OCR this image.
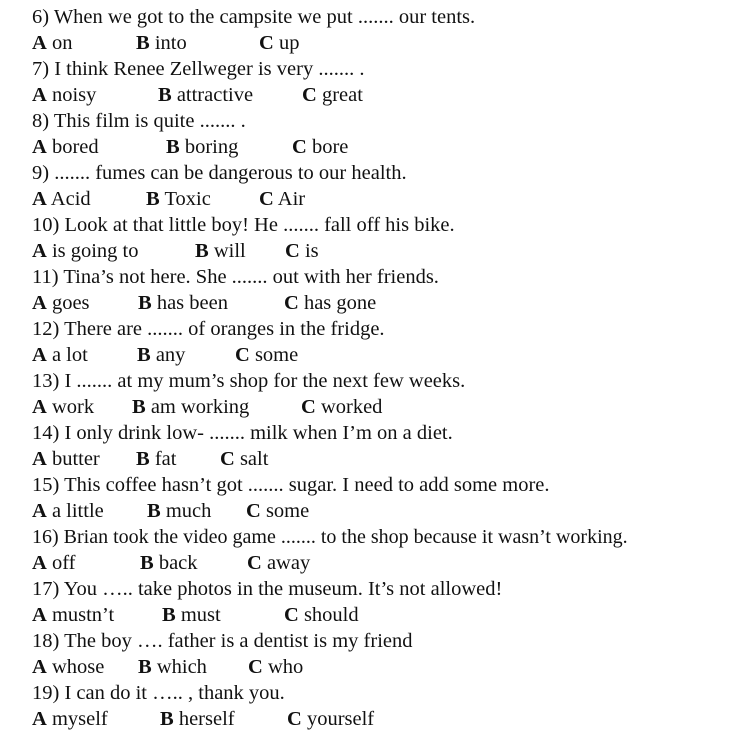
6) When we got to the campsite we put ....... our tents.
A on	B into	C up
7) I think Renee Zellweger is very ....... .
A noisy	B attractive C great
8) This film is quite ....... .
A bored	B boring	C bore
9) ....... fumes can be dangerous to our health.
A Acid	B Toxic C Air
10) Look at that little boy! He ....... fall off his bike.
A is going to	B will C is
11) Tina’s not here. She ....... out with her friends.
A goes B has been	C has gone
12) There are ....... of oranges in the fridge.
A a lot B any C some
13) I ....... at my mum’s shop for the next few weeks.
A work B am working	C worked
14) I only drink low- ....... milk when I’m on a diet.
A butter B fat C salt
15) This coffee hasn’t got ....... sugar. I need to add some more.
A a little B much C some
16) Brian took the video game ....... to the shop because it wasn’t working.
A off	B back C away
17) You ….. take photos in the museum. It’s not allowed!
A mustn’t B must	C should
18) The boy …. father is a dentist is my friend
A whose B which C who
19) I can do it ….. , thank you.
A myself	B herself	C yourself
